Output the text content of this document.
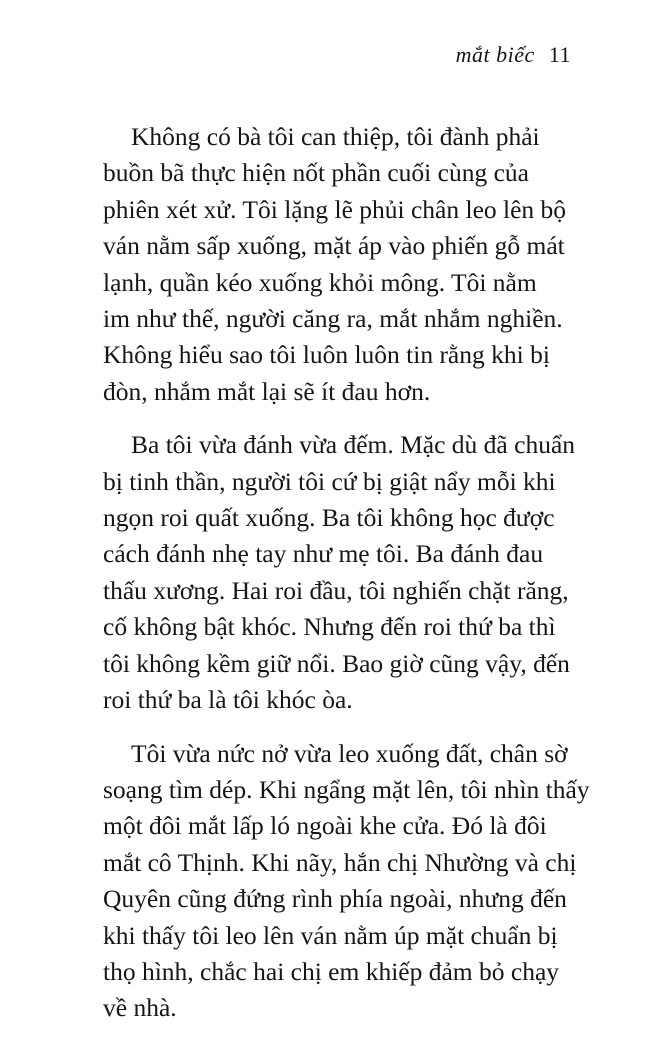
mắt biếc 11

Không có bà tôi can thiệp, tôi đành phải
buồn bã thực hiện nốt phần cuối cùng của
phiên xét xử. Tôi lặng lẽ phủi chân leo lên bộ
ván nằm sấp xuống, mặt áp vào phiến gỗ mát
lạnh, quần kéo xuống khỏi mông. Tôi nằm
im như thế, người căng ra, mắt nhắm nghiền.
Không hiểu sao tôi luôn luôn tin rằng khi bị
đòn, nhắm mắt lại sẽ ít đau hơn.

Ba tôi vừa đánh vừa đếm. Mặc dù đã chuẩn
bị tinh thần, người tôi cứ bị giật nẩy mỗi khi
ngọn roi quất xuống. Ba tôi không học được
cách đánh nhẹ tay như mẹ tôi. Ba đánh đau
thấu xương. Hai roi đầu, tôi nghiến chặt răng,
cố không bật khóc. Nhưng đến roi thứ ba thì
tôi không kềm giữ nổi. Bao giờ cũng vậy, đến
roi thứ ba là tôi khóc òa.

Tôi vừa nức nở vừa leo xuống đất, chân sờ
soạng tìm dép. Khi ngẩng mặt lên, tôi nhìn thấy
một đôi mắt lấp ló ngoài khe cửa. Đó là đôi
mắt cô Thịnh. Khi nãy, hắn chị Nhường và chị
Quyên cũng đứng rình phía ngoài, nhưng đến
khi thấy tôi leo lên ván nằm úp mặt chuẩn bị
thọ hình, chắc hai chị em khiếp đảm bỏ chạy
về nhà.
